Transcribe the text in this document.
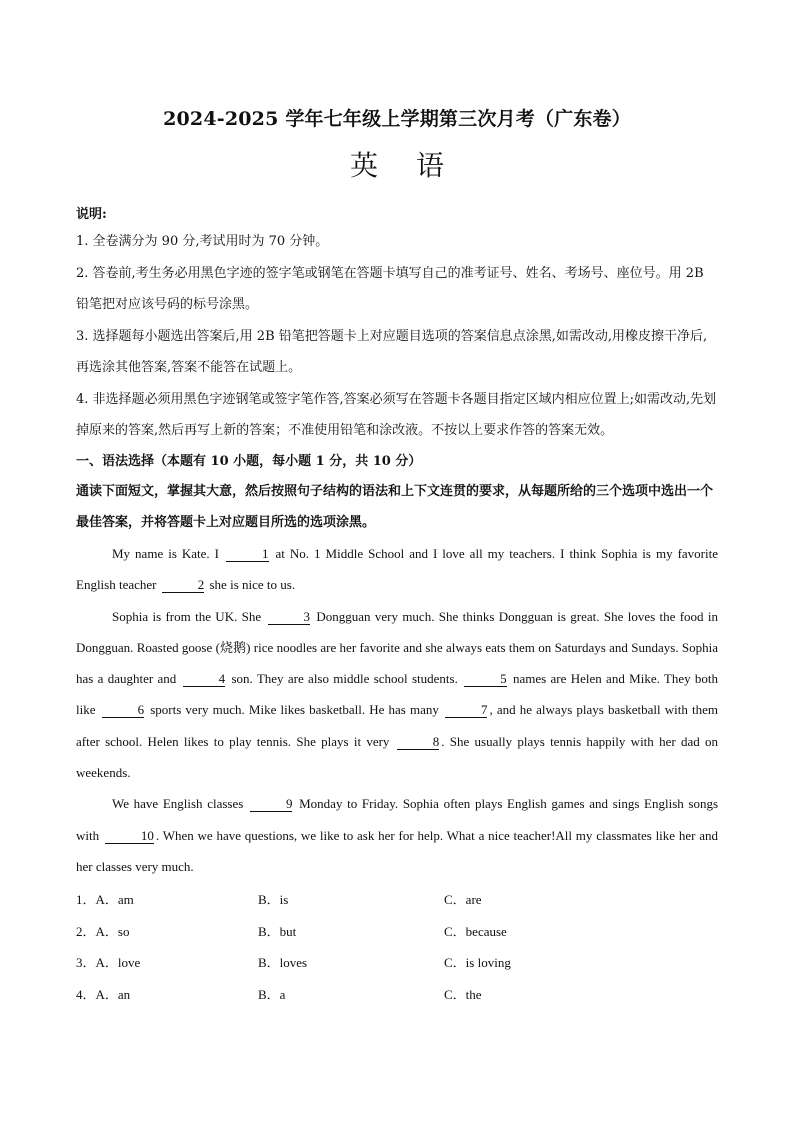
2024-2025 学年七年级上学期第三次月考（广东卷）
英 语
说明:
1. 全卷满分为 90 分,考试用时为 70 分钟。
2. 答卷前,考生务必用黑色字迹的签字笔或钢笔在答题卡填写自己的准考证号、姓名、考场号、座位号。用 2B 铅笔把对应该号码的标号涂黑。
3. 选择题每小题选出答案后,用 2B 铅笔把答题卡上对应题目选项的答案信息点涂黑,如需改动,用橡皮擦干净后,再选涂其他答案,答案不能答在试题上。
4. 非选择题必须用黑色字迹钢笔或签字笔作答,答案必须写在答题卡各题目指定区域内相应位置上;如需改动,先划掉原来的答案,然后再写上新的答案；不准使用铅笔和涂改液。不按以上要求作答的答案无效。
一、语法选择（本题有 10 小题，每小题 1 分，共 10 分）
通读下面短文，掌握其大意，然后按照句子结构的语法和上下文连贯的要求，从每题所给的三个选项中选出一个最佳答案，并将答题卡上对应题目所选的选项涂黑。

My name is Kate. I	1 at No. 1 Middle School and I love all my teachers. I think Sophia is my favorite English teacher	2 she is nice to us.

Sophia is from the UK. She	3 Dongguan very much. She thinks Dongguan is great. She loves the food in Dongguan. Roasted goose (烧鹅) rice noodles are her favorite and she always eats them on Saturdays and Sundays. Sophia has a daughter and	4 son. They are also middle school students.	5 names are Helen and Mike. They both like	6 sports very much. Mike likes basketball. He has many	7 , and he always plays basketball with them after school. Helen likes to play tennis. She plays it very	8 . She usually plays tennis happily with her dad on weekends.

We have English classes	9 Monday to Friday. Sophia often plays English games and sings English songs with	10 . When we have questions, we like to ask her for help. What a nice teacher!All my classmates like her and her classes very much.

1．A．am	B．is	C．are
2．A．so	B．but	C．because
3．A．love	B．loves	C．is loving
4．A．an	B．a	C．the
